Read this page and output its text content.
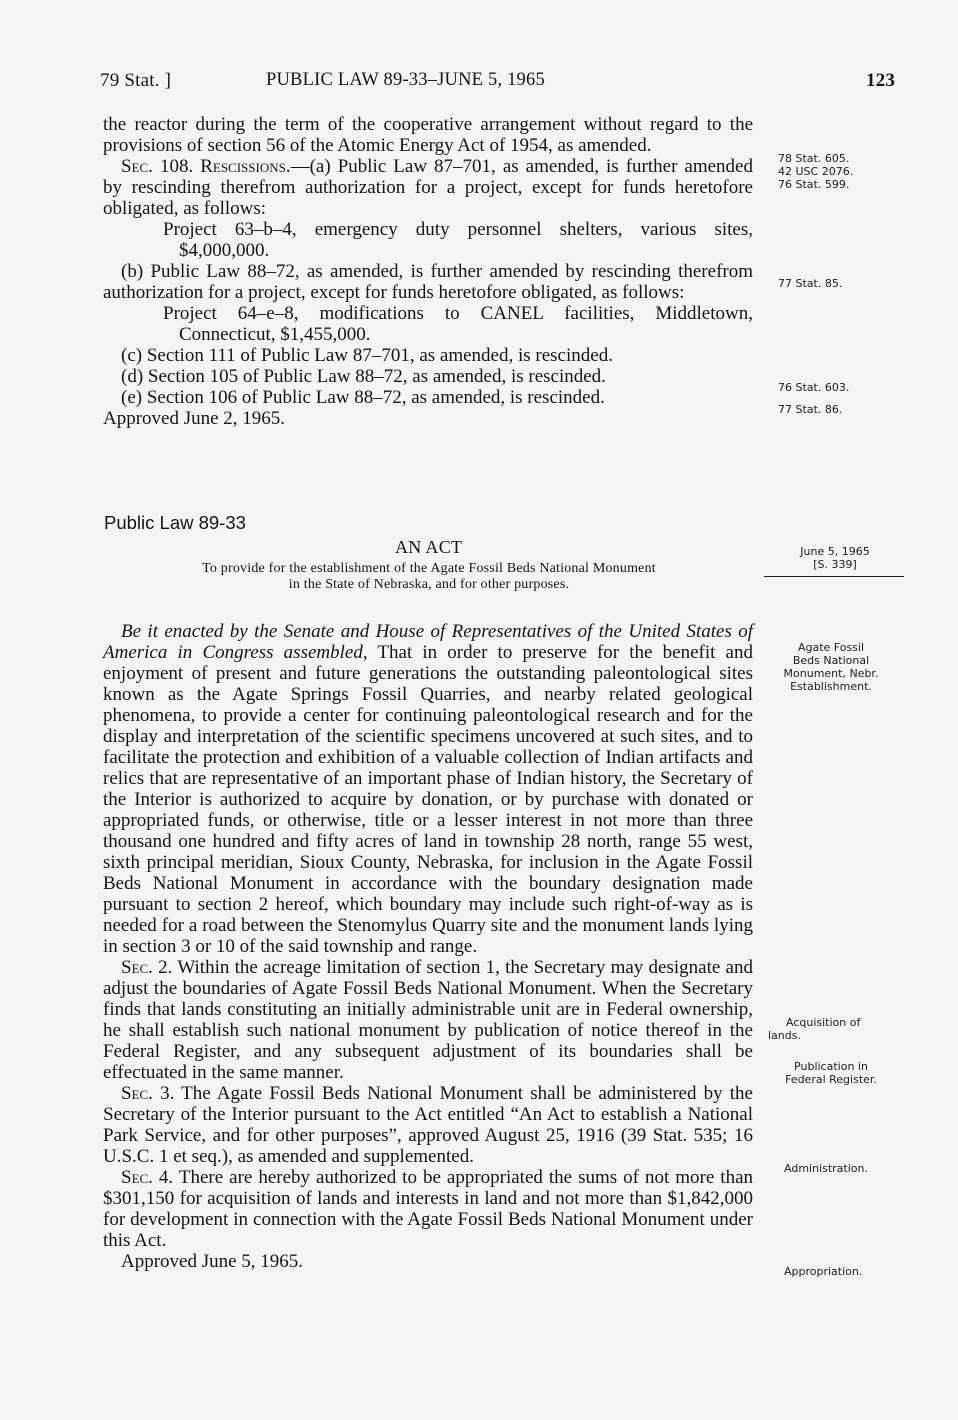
79 Stat. ]	PUBLIC LAW 89-33–JUNE 5, 1965	123

the reactor during the term of the cooperative arrangement without regard to the provisions of section 56 of the Atomic Energy Act of 1954, as amended.

Sec. 108. Rescissions.—(a) Public Law 87–701, as amended, is further amended by rescinding therefrom authorization for a project, except for funds heretofore obligated, as follows:

Project 63–b–4, emergency duty personnel shelters, various sites, $4,000,000.

(b) Public Law 88–72, as amended, is further amended by rescinding therefrom authorization for a project, except for funds heretofore obligated, as follows:

Project 64–e–8, modifications to CANEL facilities, Middletown, Connecticut, $1,455,000.

(c) Section 111 of Public Law 87–701, as amended, is rescinded.

(d) Section 105 of Public Law 88–72, as amended, is rescinded.

(e) Section 106 of Public Law 88–72, as amended, is rescinded.

Approved June 2, 1965.

Public Law 89-33
AN ACT
To provide for the establishment of the Agate Fossil Beds National Monument
in the State of Nebraska, and for other purposes.

Be it enacted by the Senate and House of Representatives of the United States of America in Congress assembled, That in order to preserve for the benefit and enjoyment of present and future generations the outstanding paleontological sites known as the Agate Springs Fossil Quarries, and nearby related geological phenomena, to provide a center for continuing paleontological research and for the display and interpretation of the scientific specimens uncovered at such sites, and to facilitate the protection and exhibition of a valuable collection of Indian artifacts and relics that are representative of an important phase of Indian history, the Secretary of the Interior is authorized to acquire by donation, or by purchase with donated or appropriated funds, or otherwise, title or a lesser interest in not more than three thousand one hundred and fifty acres of land in township 28 north, range 55 west, sixth principal meridian, Sioux County, Nebraska, for inclusion in the Agate Fossil Beds National Monument in accordance with the boundary designation made pursuant to section 2 hereof, which boundary may include such right-of-way as is needed for a road between the Stenomylus Quarry site and the monument lands lying in section 3 or 10 of the said township and range.

Sec. 2. Within the acreage limitation of section 1, the Secretary may designate and adjust the boundaries of Agate Fossil Beds National Monument. When the Secretary finds that lands constituting an initially administrable unit are in Federal ownership, he shall establish such national monument by publication of notice thereof in the Federal Register, and any subsequent adjustment of its boundaries shall be effectuated in the same manner.

Sec. 3. The Agate Fossil Beds National Monument shall be administered by the Secretary of the Interior pursuant to the Act entitled “An Act to establish a National Park Service, and for other purposes”, approved August 25, 1916 (39 Stat. 535; 16 U.S.C. 1 et seq.), as amended and supplemented.

Sec. 4. There are hereby authorized to be appropriated the sums of not more than $301,150 for acquisition of lands and interests in land and not more than $1,842,000 for development in connection with the Agate Fossil Beds National Monument under this Act.

Approved June 5, 1965.

78 Stat. 605.
42 USC 2076.
76 Stat. 599.
77 Stat. 85.
76 Stat. 603.
77 Stat. 86.
June 5, 1965
[S. 339]
Agate Fossil
Beds National
Monument, Nebr.
Establishment.
Acquisition of
lands.
Publication in
Federal Register.
Administration.
Appropriation.
